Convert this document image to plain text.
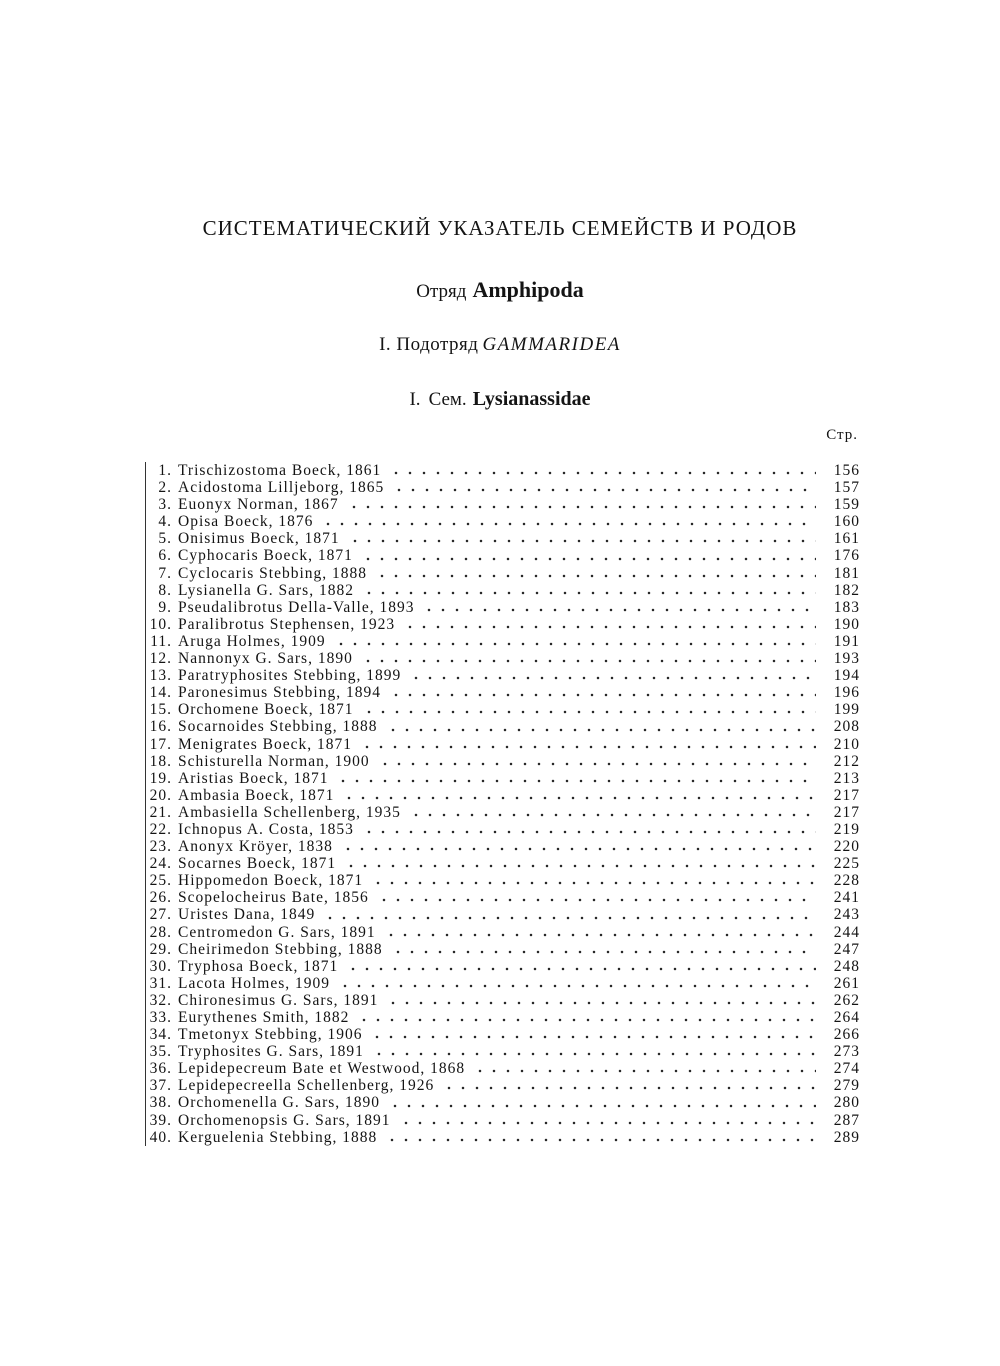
СИСТЕМАТИЧЕСКИЙ УКАЗАТЕЛЬ СЕМЕЙСТВ И РОДОВ
Отряд Amphipoda
I. Подотряд GAMMARIDEA
I. Сем. Lysianassidae
Стр.
1. Trischizostoma Boeck, 1861	156
2. Acidostoma Lilljeborg, 1865	157
3. Euonyx Norman, 1867	159
4. Opisa Boeck, 1876	160
5. Onisimus Boeck, 1871	161
6. Cyphocaris Boeck, 1871	176
7. Cyclocaris Stebbing, 1888	181
8. Lysianella G. Sars, 1882	182
9. Pseudalibrotus Della-Valle, 1893	183
10. Paralibrotus Stephensen, 1923	190
11. Aruga Holmes, 1909	191
12. Nannonyx G. Sars, 1890	193
13. Paratryphosites Stebbing, 1899	194
14. Paronesimus Stebbing, 1894	196
15. Orchomene Boeck, 1871	199
16. Socarnoides Stebbing, 1888	208
17. Menigrates Boeck, 1871	210
18. Schisturella Norman, 1900	212
19. Aristias Boeck, 1871	213
20. Ambasia Boeck, 1871	217
21. Ambasiella Schellenberg, 1935	217
22. Ichnopus A. Costa, 1853	219
23. Anonyx Kröyer, 1838	220
24. Socarnes Boeck, 1871	225
25. Hippomedon Boeck, 1871	228
26. Scopelocheirus Bate, 1856	241
27. Uristes Dana, 1849	243
28. Centromedon G. Sars, 1891	244
29. Cheirimedon Stebbing, 1888	247
30. Tryphosa Boeck, 1871	248
31. Lacota Holmes, 1909	261
32. Chironesimus G. Sars, 1891	262
33. Eurythenes Smith, 1882	264
34. Tmetonyx Stebbing, 1906	266
35. Tryphosites G. Sars, 1891	273
36. Lepidepecreum Bate et Westwood, 1868	274
37. Lepidepecreella Schellenberg, 1926	279
38. Orchomenella G. Sars, 1890	280
39. Orchomenopsis G. Sars, 1891	287
40. Kerguelenia Stebbing, 1888	289
